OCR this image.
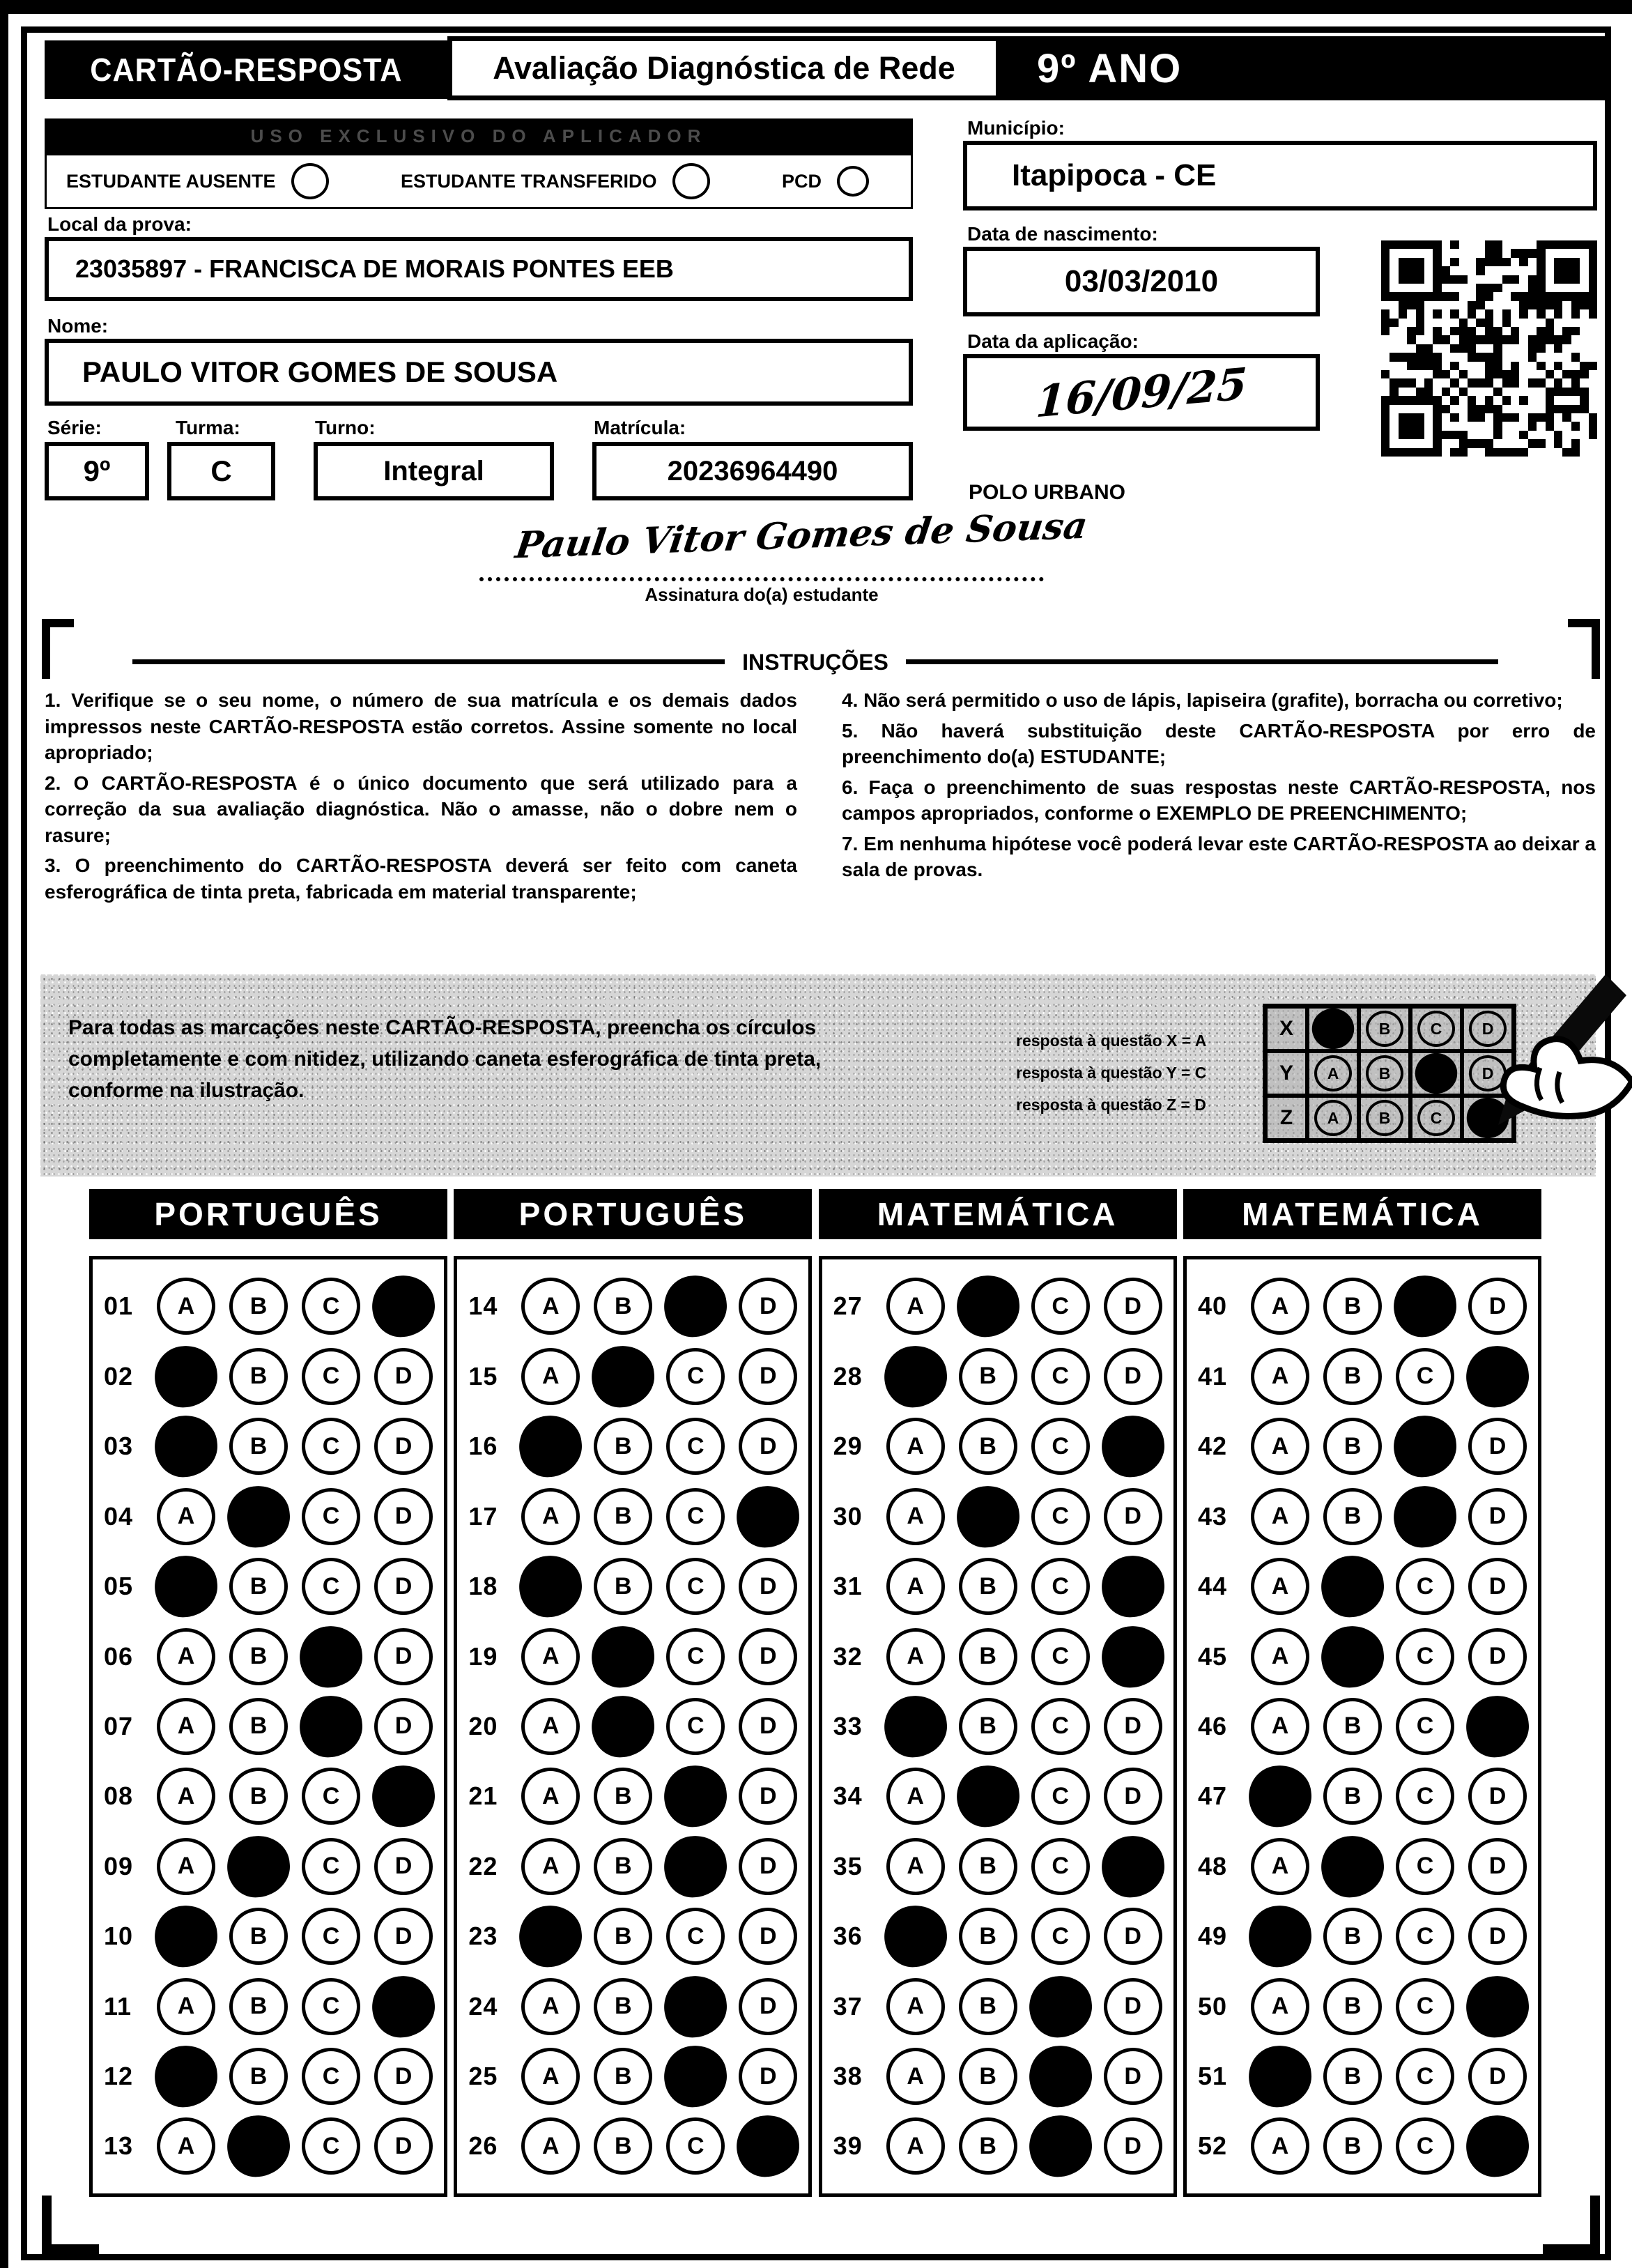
CARTÃO-RESPOSTA	Avaliação Diagnóstica de Rede 9º ANO
USO EXCLUSIVO DO APLICADOR
ESTUDANTE AUSENTE	ESTUDANTE TRANSFERIDO	PCD
Local da prova:
23035897 - FRANCISCA DE MORAIS PONTES EEB
Nome:
PAULO VITOR GOMES DE SOUSA
Série:	Turma:	Turno:	Matrícula:
9º	C	Integral	20236964490
Município:
Itapipoca - CE
Data de nascimento:
03/03/2010
Data da aplicação:
16/09/25
POLO URBANO
Paulo Vitor Gomes de Sousa
Assinatura do(a) estudante
INSTRUÇÕES

1. Verifique se o seu nome, o número de sua matrícula e os demais dados impressos neste CARTÃO-RESPOSTA estão corretos. Assine somente no local apropriado;

2. O CARTÃO-RESPOSTA é o único documento que será utilizado para a correção da sua avaliação diagnóstica. Não o amasse, não o dobre nem o rasure;

3. O preenchimento do CARTÃO-RESPOSTA deverá ser feito com caneta esferográfica de tinta preta, fabricada em material transparente;

4. Não será permitido o uso de lápis, lapiseira (grafite), borracha ou corretivo;

5. Não haverá substituição deste CARTÃO-RESPOSTA por erro de preenchimento do(a) ESTUDANTE;

6. Faça o preenchimento de suas respostas neste CARTÃO-RESPOSTA, nos campos apropriados, conforme o EXEMPLO DE PREENCHIMENTO;

7. Em nenhuma hipótese você poderá levar este CARTÃO-RESPOSTA ao deixar a sala de provas.

Para todas as marcações neste CARTÃO-RESPOSTA, preencha os círculos completamente e com nitidez, utilizando caneta esferográfica de tinta preta, conforme na ilustração.
resposta à questão X = A
resposta à questão Y = C
resposta à questão Z = D
X	B	C	D
Y	A	B	D
Z	A	B	C
PORTUGUÊS
01	A B C
02	B C D
03	B C D
04	A	C D
05	B C D
06	A B	D
07	A B	D
08	A B C
09	A	C D
10	B C D
11	A B C
12	B C D
13	A	C D
PORTUGUÊS
14	A B	D
15	A	C D
16	B C D
17	A B C
18	B C D
19	A	C D
20	A	C D
21	A B	D
22	A B	D
23	B C D
24	A B	D
25	A B	D
26	A B C
MATEMÁTICA
27	A	C D
28	B C D
29	A B C
30	A	C D
31	A B C
32	A B C
33	B C D
34	A	C D
35	A B C
36	B C D
37	A B	D
38	A B	D
39	A B	D
MATEMÁTICA
40	A B	D
41	A B C
42	A B	D
43	A B	D
44	A	C D
45	A	C D
46	A B C
47	B C D
48	A	C D
49	B C D
50	A B C
51	B C D
52	A B C
